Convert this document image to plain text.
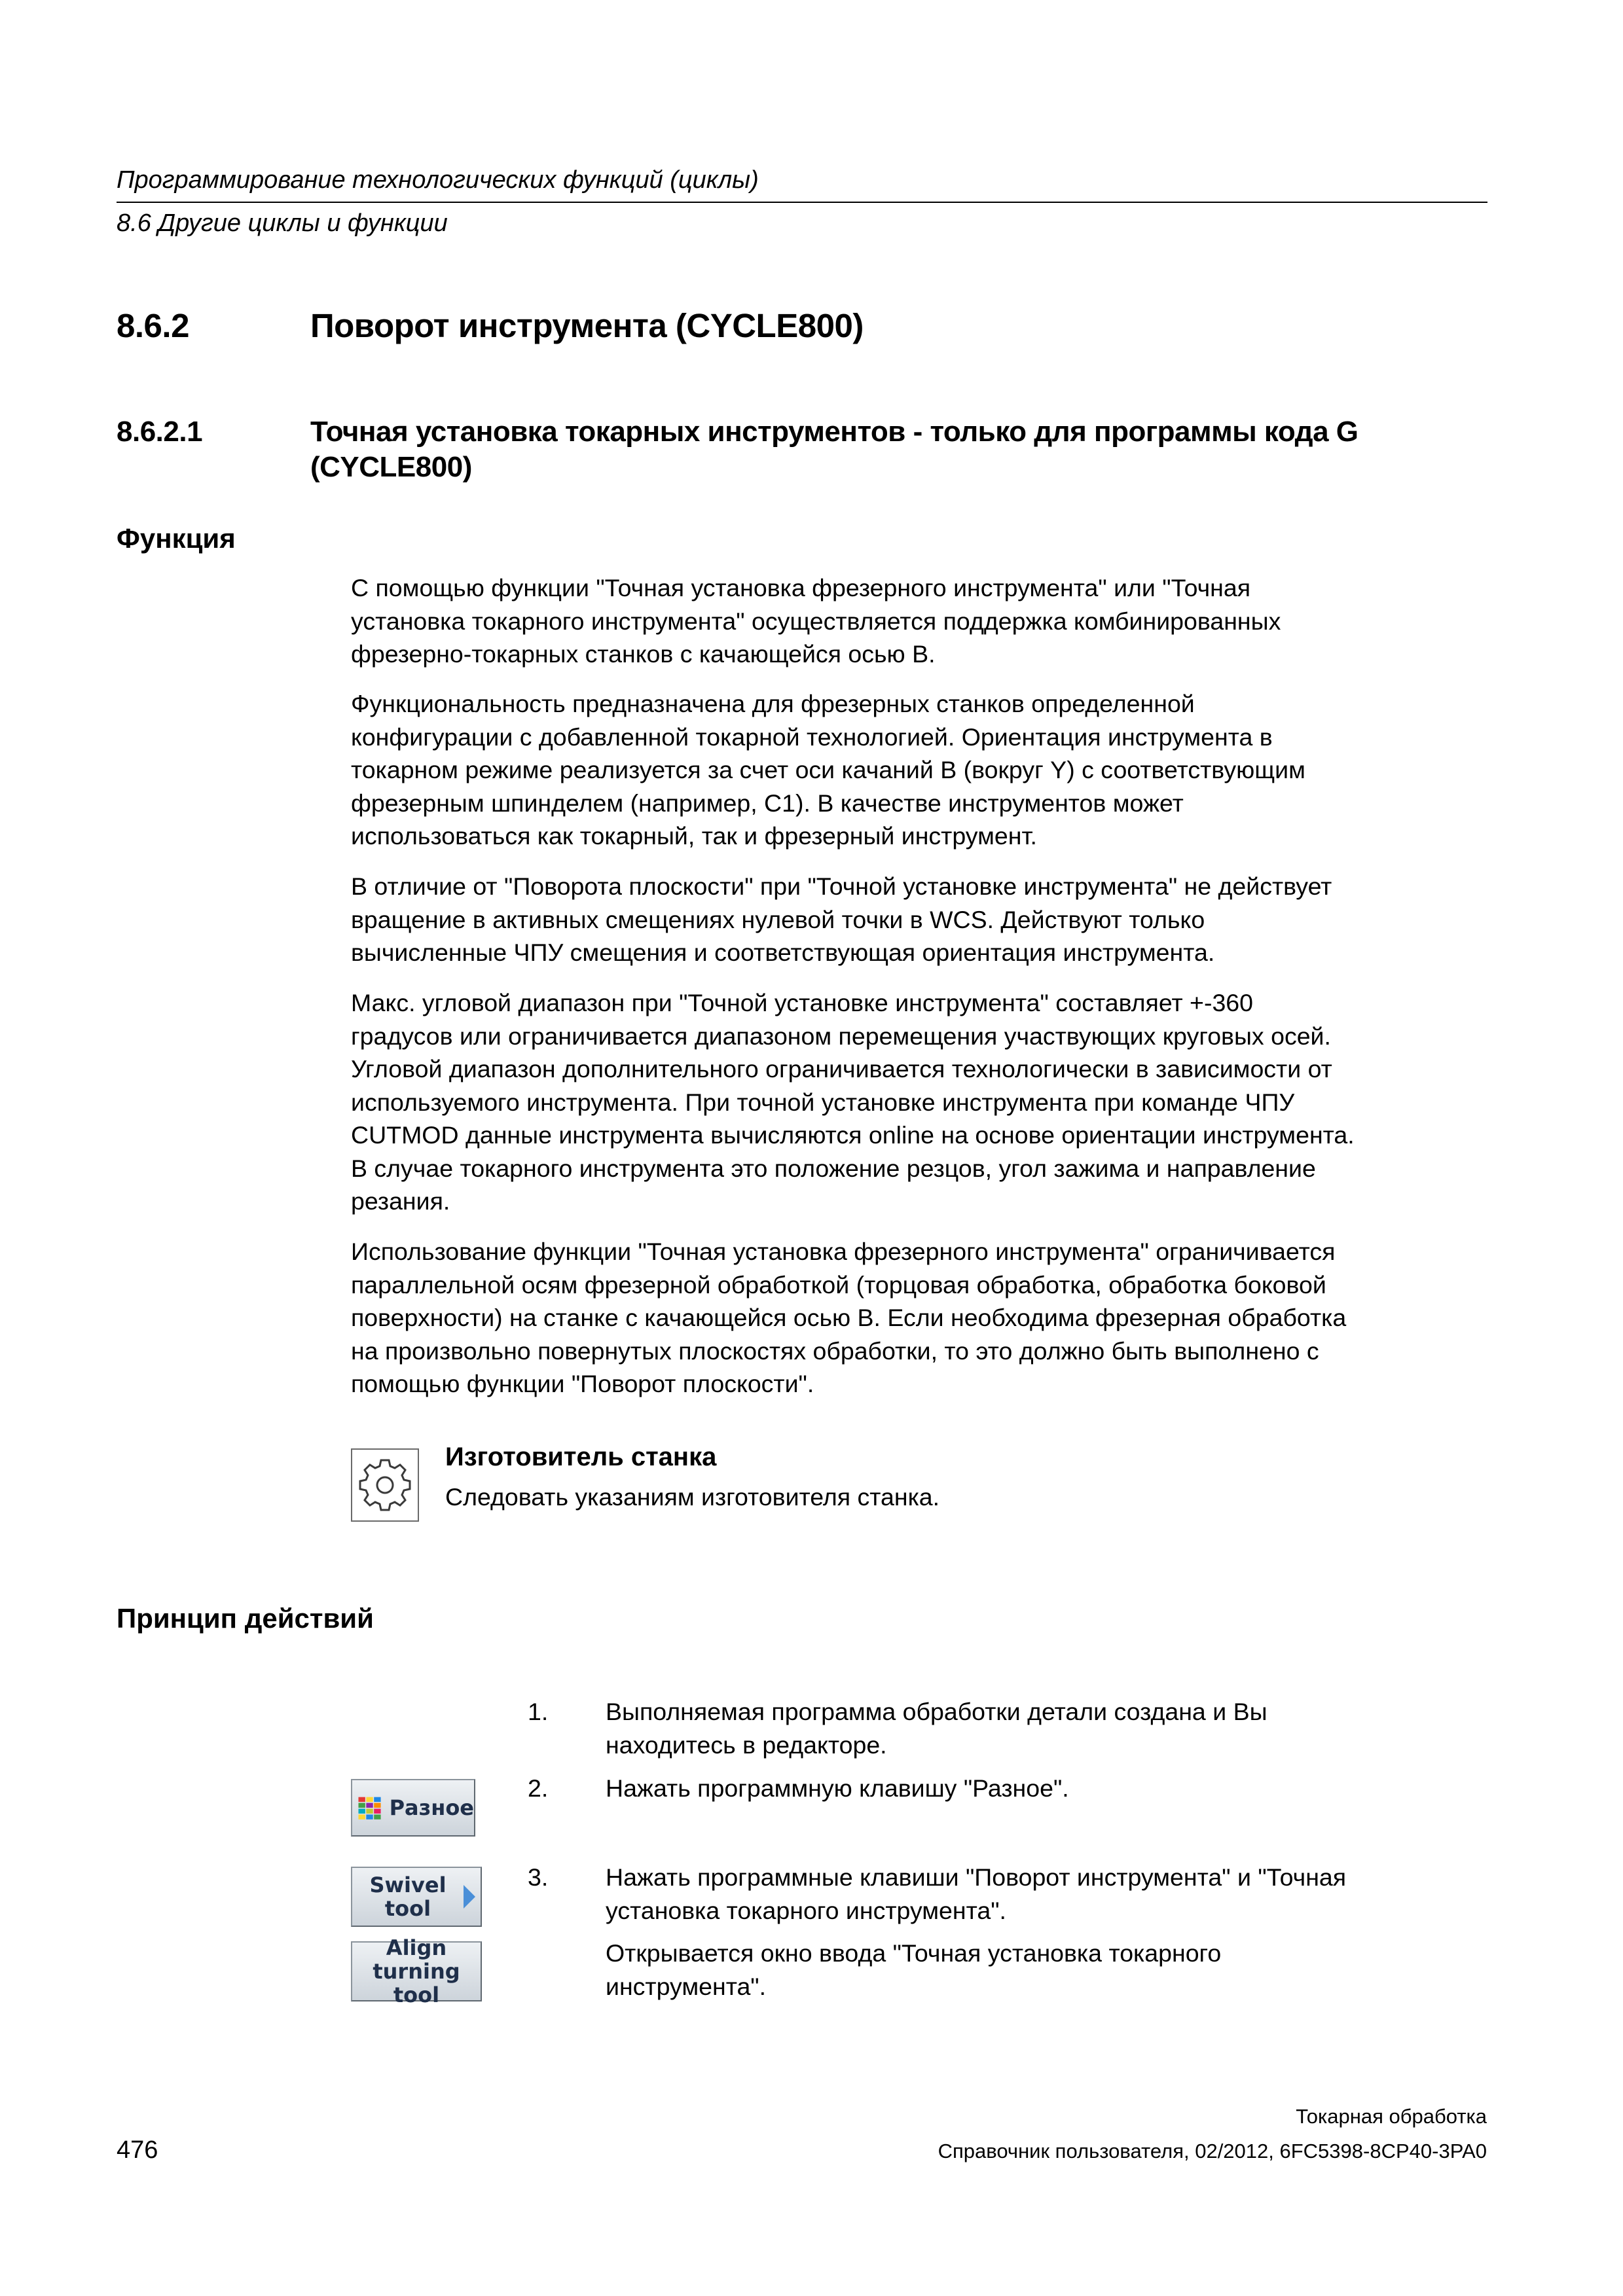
Программирование технологических функций (циклы)
8.6 Другие циклы и функции
8.6.2	Поворот инструмента (CYCLE800)
8.6.2.1	Точная установка токарных инструментов - только для программы кода G
(CYCLE800)
Функция

С помощью функции "Точная установка фрезерного инструмента" или "Точная

установка токарного инструмента" осуществляется поддержка комбинированных

фрезерно-токарных станков с качающейся осью B.

Функциональность предназначена для фрезерных станков определенной

конфигурации с добавленной токарной технологией. Ориентация инструмента в

токарном режиме реализуется за счет оси качаний B (вокруг Y) с соответствующим

фрезерным шпинделем (например, C1). В качестве инструментов может

использоваться как токарный, так и фрезерный инструмент.

В отличие от "Поворота плоскости" при "Точной установке инструмента" не действует

вращение в активных смещениях нулевой точки в WCS. Действуют только

вычисленные ЧПУ смещения и соответствующая ориентация инструмента.

Макс. угловой диапазон при "Точной установке инструмента" составляет +-360

градусов или ограничивается диапазоном перемещения участвующих круговых осей.

Угловой диапазон дополнительного ограничивается технологически в зависимости от

используемого инструмента. При точной установке инструмента при команде ЧПУ

CUTMOD данные инструмента вычисляются online на основе ориентации инструмента.

В случае токарного инструмента это положение резцов, угол зажима и направление

резания.

Использование функции "Точная установка фрезерного инструмента" ограничивается

параллельной осям фрезерной обработкой (торцовая обработка, обработка боковой

поверхности) на станке с качающейся осью B. Если необходима фрезерная обработка

на произвольно повернутых плоскостях обработки, то это должно быть выполнено с

помощью функции "Поворот плоскости".

Изготовитель станка
Следовать указаниям изготовителя станка.
Принцип действий
1.	Выполняемая программа обработки детали создана и Вы
находитесь в редакторе.
2.	Нажать программную клавишу "Разное".
3.	Нажать программные клавиши "Поворот инструмента" и "Точная
установка токарного инструмента".
Открывается окно ввода "Точная установка токарного
инструмента".
Разное
Swivel
tool
Align
turning tool
Токарная обработка
476	Справочник пользователя, 02/2012, 6FC5398-8CP40-3PA0
